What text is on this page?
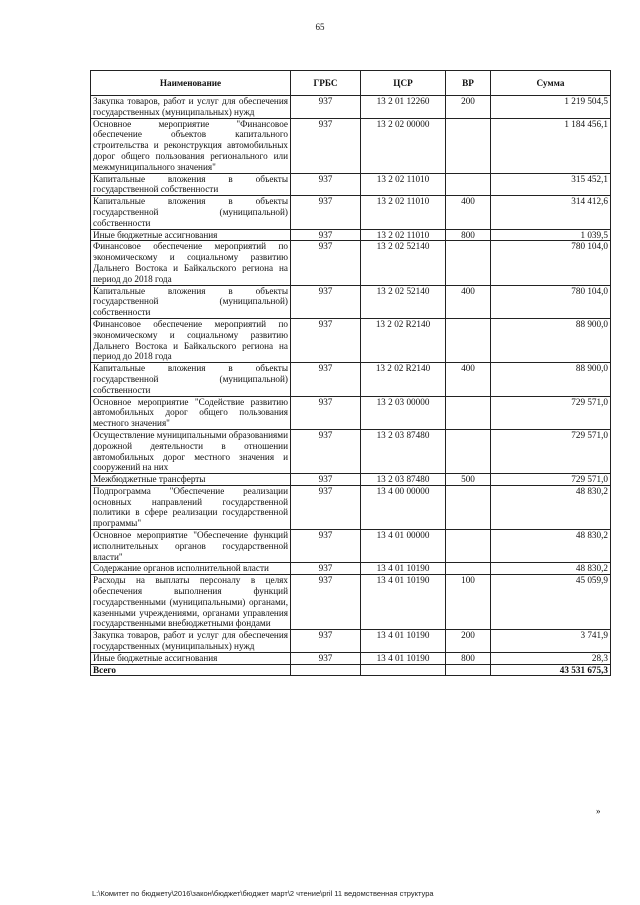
65
Наименование	ГРБС	ЦСР	ВР	Сумма
Закупка товаров, работ и услуг для обеспечения государственных (муниципальных) нужд	937	13 2 01 12260	200	1 219 504,5
Основное мероприятие "Финансовое обеспечение объектов капитального строительства и реконструкция автомобильных дорог общего пользования регионального или межмуниципального значения"	937	13 2 02 00000		1 184 456,1
Капитальные вложения в объекты государственной собственности	937	13 2 02 11010		315 452,1
Капитальные вложения в объекты государственной (муниципальной) собственности	937	13 2 02 11010	400	314 412,6
Иные бюджетные ассигнования	937	13 2 02 11010	800	1 039,5
Финансовое обеспечение мероприятий по экономическому и социальному развитию Дальнего Востока и Байкальского региона на период до 2018 года	937	13 2 02 52140		780 104,0
Капитальные вложения в объекты государственной (муниципальной) собственности	937	13 2 02 52140	400	780 104,0
Финансовое обеспечение мероприятий по экономическому и социальному развитию Дальнего Востока и Байкальского региона на период до 2018 года	937	13 2 02 R2140		88 900,0
Капитальные вложения в объекты государственной (муниципальной) собственности	937	13 2 02 R2140	400	88 900,0
Основное мероприятие "Содействие развитию автомобильных дорог общего пользования местного значения"	937	13 2 03 00000		729 571,0
Осуществление муниципальными образованиями дорожной деятельности в отношении автомобильных дорог местного значения и сооружений на них	937	13 2 03 87480		729 571,0
Межбюджетные трансферты	937	13 2 03 87480	500	729 571,0
Подпрограмма "Обеспечение реализации основных направлений государственной политики в сфере реализации государственной программы"	937	13 4 00 00000		48 830,2
Основное мероприятие "Обеспечение функций исполнительных органов государственной власти"	937	13 4 01 00000		48 830,2
Содержание органов исполнительной власти	937	13 4 01 10190		48 830,2
Расходы на выплаты персоналу в целях обеспечения выполнения функций государственными (муниципальными) органами, казенными учреждениями, органами управления государственными внебюджетными фондами	937	13 4 01 10190	100	45 059,9
Закупка товаров, работ и услуг для обеспечения государственных (муниципальных) нужд	937	13 4 01 10190	200	3 741,9
Иные бюджетные ассигнования	937	13 4 01 10190	800	28,3
Всего				43 531 675,3
»
L:\Комитет по бюджету\2016\закон\бюджет\бюджет март\2 чтение\pril 11 ведомственная структура
